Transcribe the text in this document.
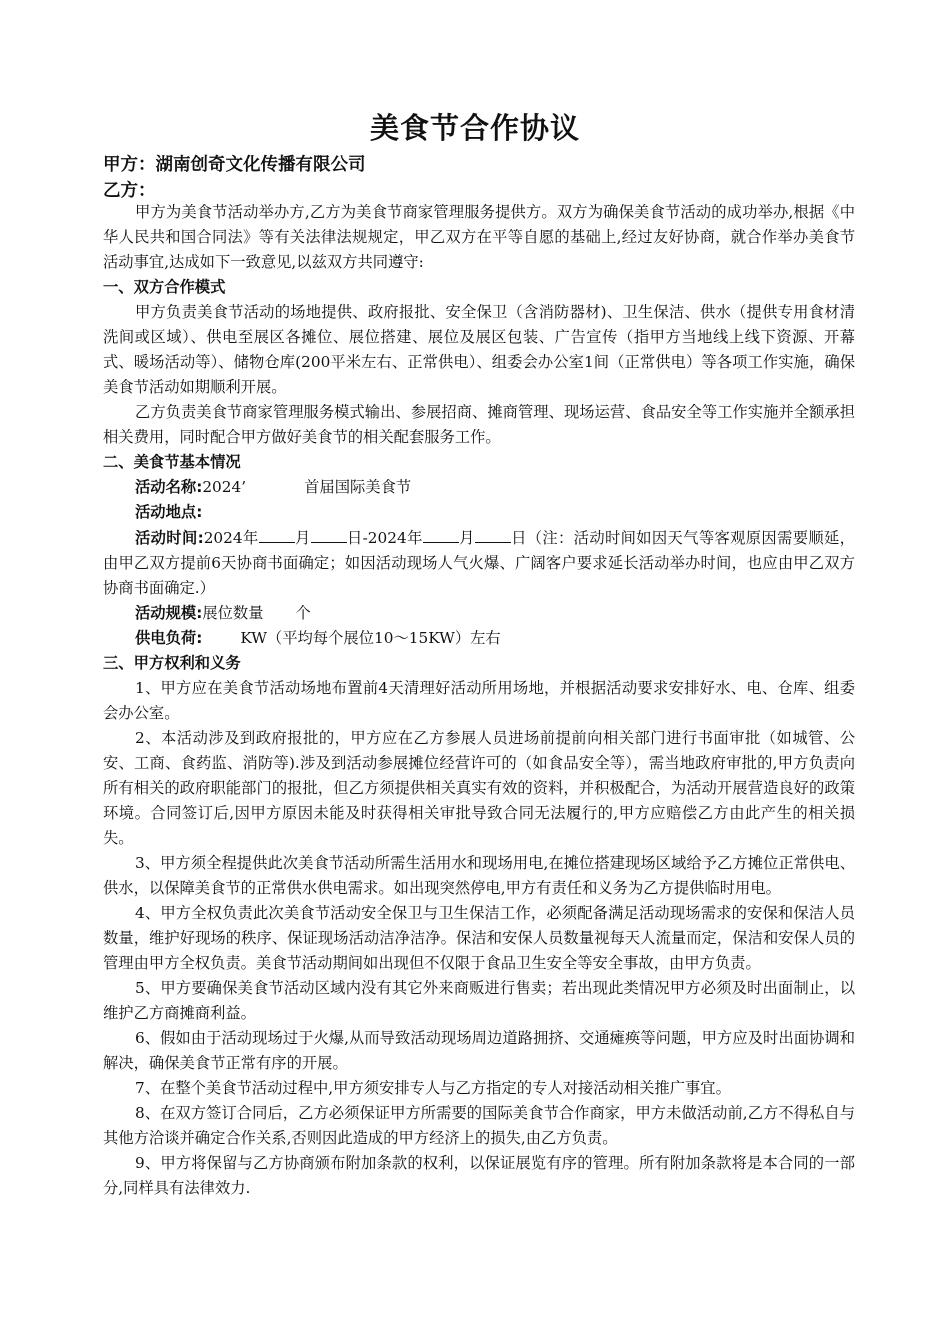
美食节合作协议
甲方：湖南创奇文化传播有限公司
乙方：

甲方为美食节活动举办方,乙方为美食节商家管理服务提供方。双方为确保美食节活动的成功举办,根据《中华人民共和国合同法》等有关法律法规规定，甲乙双方在平等自愿的基础上,经过友好协商，就合作举办美食节活动事宜,达成如下一致意见,以兹双方共同遵守:

一、双方合作模式

甲方负责美食节活动的场地提供、政府报批、安全保卫（含消防器材)、卫生保洁、供水（提供专用食材清洗间或区域）、供电至展区各摊位、展位搭建、展位及展区包装、广告宣传（指甲方当地线上线下资源、开幕式、暖场活动等）、储物仓库(200平米左右、正常供电）、组委会办公室1间（正常供电）等各项工作实施，确保美食节活动如期顺利开展。

乙方负责美食节商家管理服务模式输出、参展招商、摊商管理、现场运营、食品安全等工作实施并全额承担相关费用，同时配合甲方做好美食节的相关配套服务工作。

二、美食节基本情况

活动名称:2024’	首届国际美食节

活动地点:

活动时间:2024年 月 日-2024年 月 日（注：活动时间如因天气等客观原因需要顺延，由甲乙双方提前6天协商书面确定；如因活动现场人气火爆、广阔客户要求延长活动举办时间，也应由甲乙双方协商书面确定.）

活动规模:展位数量 个

供电负荷: KW（平均每个展位10～15KW）左右

三、甲方权利和义务

1、甲方应在美食节活动场地布置前4天清理好活动所用场地，并根据活动要求安排好水、电、仓库、组委会办公室。

2、本活动涉及到政府报批的，甲方应在乙方参展人员进场前提前向相关部门进行书面审批（如城管、公安、工商、食药监、消防等).涉及到活动参展摊位经营许可的（如食品安全等），需当地政府审批的,甲方负责向所有相关的政府职能部门的报批，但乙方须提供相关真实有效的资料，并积极配合，为活动开展营造良好的政策环境。合同签订后,因甲方原因未能及时获得相关审批导致合同无法履行的,甲方应赔偿乙方由此产生的相关损失。

3、甲方须全程提供此次美食节活动所需生活用水和现场用电,在摊位搭建现场区域给予乙方摊位正常供电、供水，以保障美食节的正常供水供电需求。如出现突然停电,甲方有责任和义务为乙方提供临时用电。

4、甲方全权负责此次美食节活动安全保卫与卫生保洁工作，必须配备满足活动现场需求的安保和保洁人员数量，维护好现场的秩序、保证现场活动洁净洁净。保洁和安保人员数量视每天人流量而定，保洁和安保人员的管理由甲方全权负责。美食节活动期间如出现但不仅限于食品卫生安全等安全事故，由甲方负责。

5、甲方要确保美食节活动区域内没有其它外来商贩进行售卖；若出现此类情况甲方必须及时出面制止，以维护乙方商摊商利益。

6、假如由于活动现场过于火爆,从而导致活动现场周边道路拥挤、交通瘫痪等问题，甲方应及时出面协调和解决，确保美食节正常有序的开展。

7、在整个美食节活动过程中,甲方须安排专人与乙方指定的专人对接活动相关推广事宜。

8、在双方签订合同后，乙方必须保证甲方所需要的国际美食节合作商家，甲方未做活动前,乙方不得私自与其他方洽谈并确定合作关系,否则因此造成的甲方经济上的损失,由乙方负责。

9、甲方将保留与乙方协商颁布附加条款的权利，以保证展览有序的管理。所有附加条款将是本合同的一部分,同样具有法律效力.
